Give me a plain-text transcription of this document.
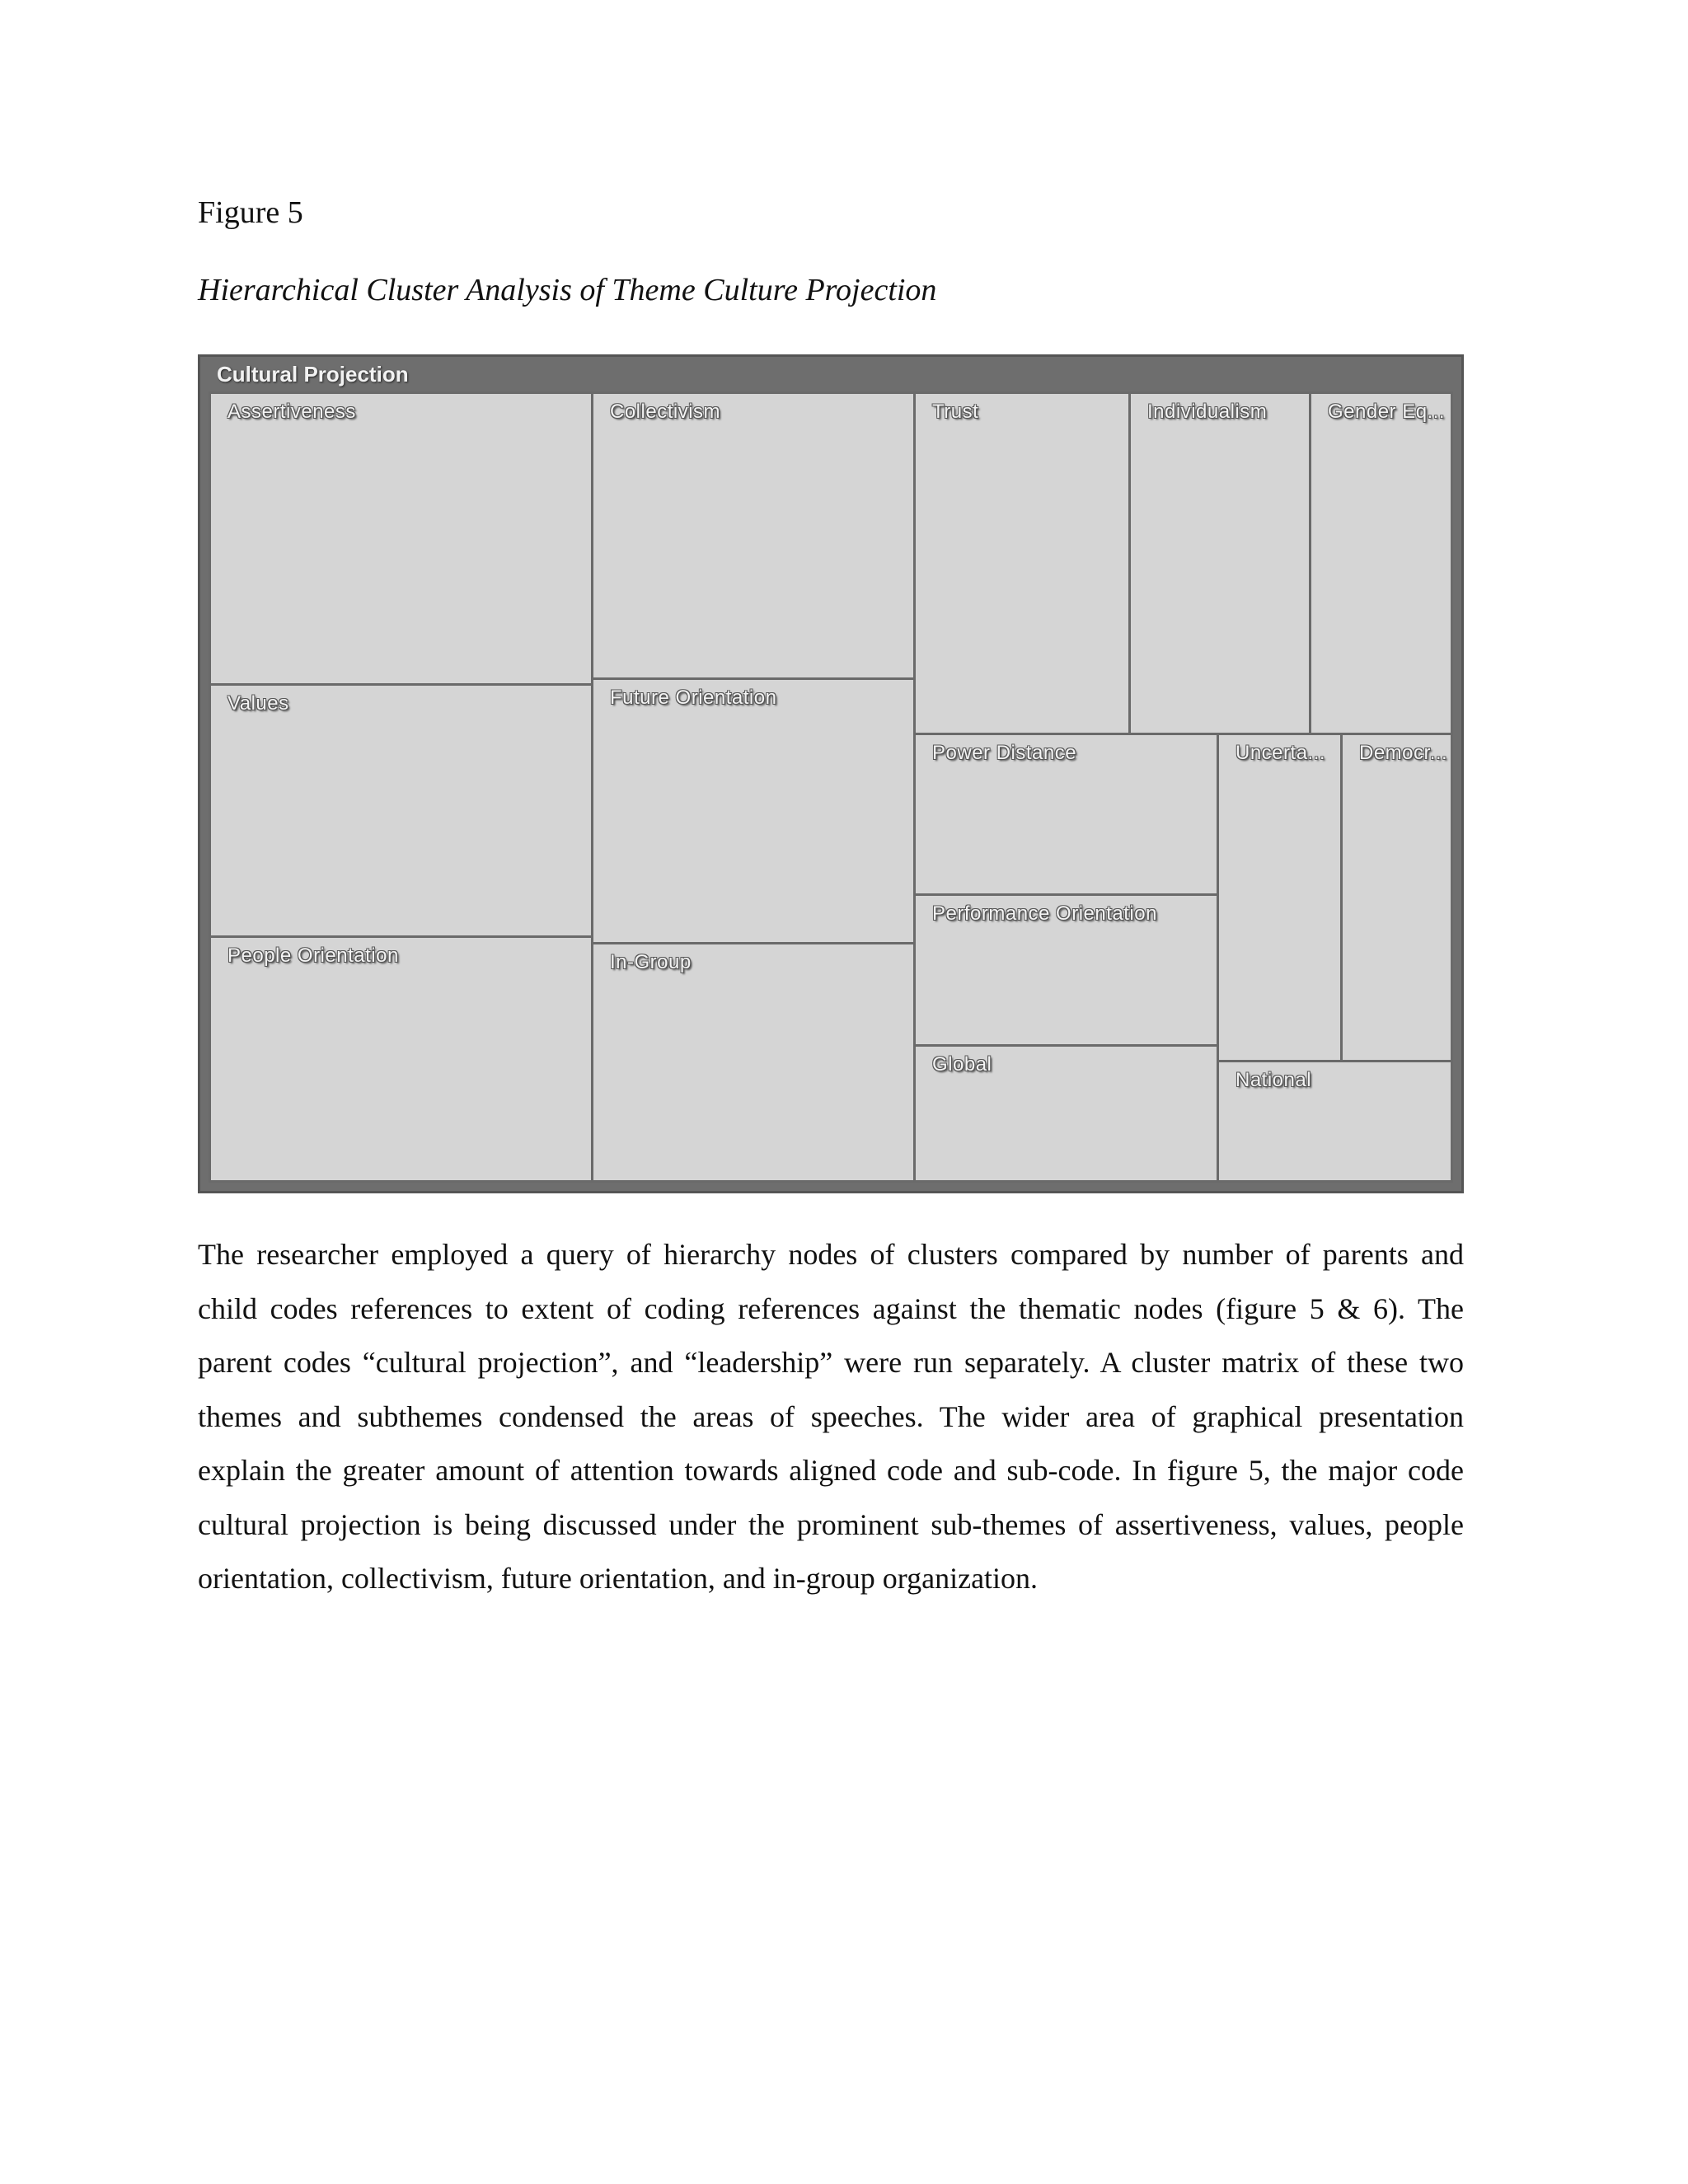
Figure 5
Hierarchical Cluster Analysis of Theme Culture Projection
Cultural Projection
Assertiveness
Values
People Orientation
Collectivism
Future Orientation
In-Group
Trust	Individualism	Gender Eq...
Power Distance
Performance Orientation
Global
Uncerta... Democr...
National
The researcher employed a query of hierarchy nodes of clusters compared by number of parents and
child codes references to extent of coding references against the thematic nodes (figure 5 & 6). The
parent codes “cultural projection”, and “leadership” were run separately. A cluster matrix of these two
themes and subthemes condensed the areas of speeches. The wider area of graphical presentation
explain the greater amount of attention towards aligned code and sub-code. In figure 5, the major code
cultural projection is being discussed under the prominent sub-themes of assertiveness, values, people
orientation, collectivism, future orientation, and in-group organization.
